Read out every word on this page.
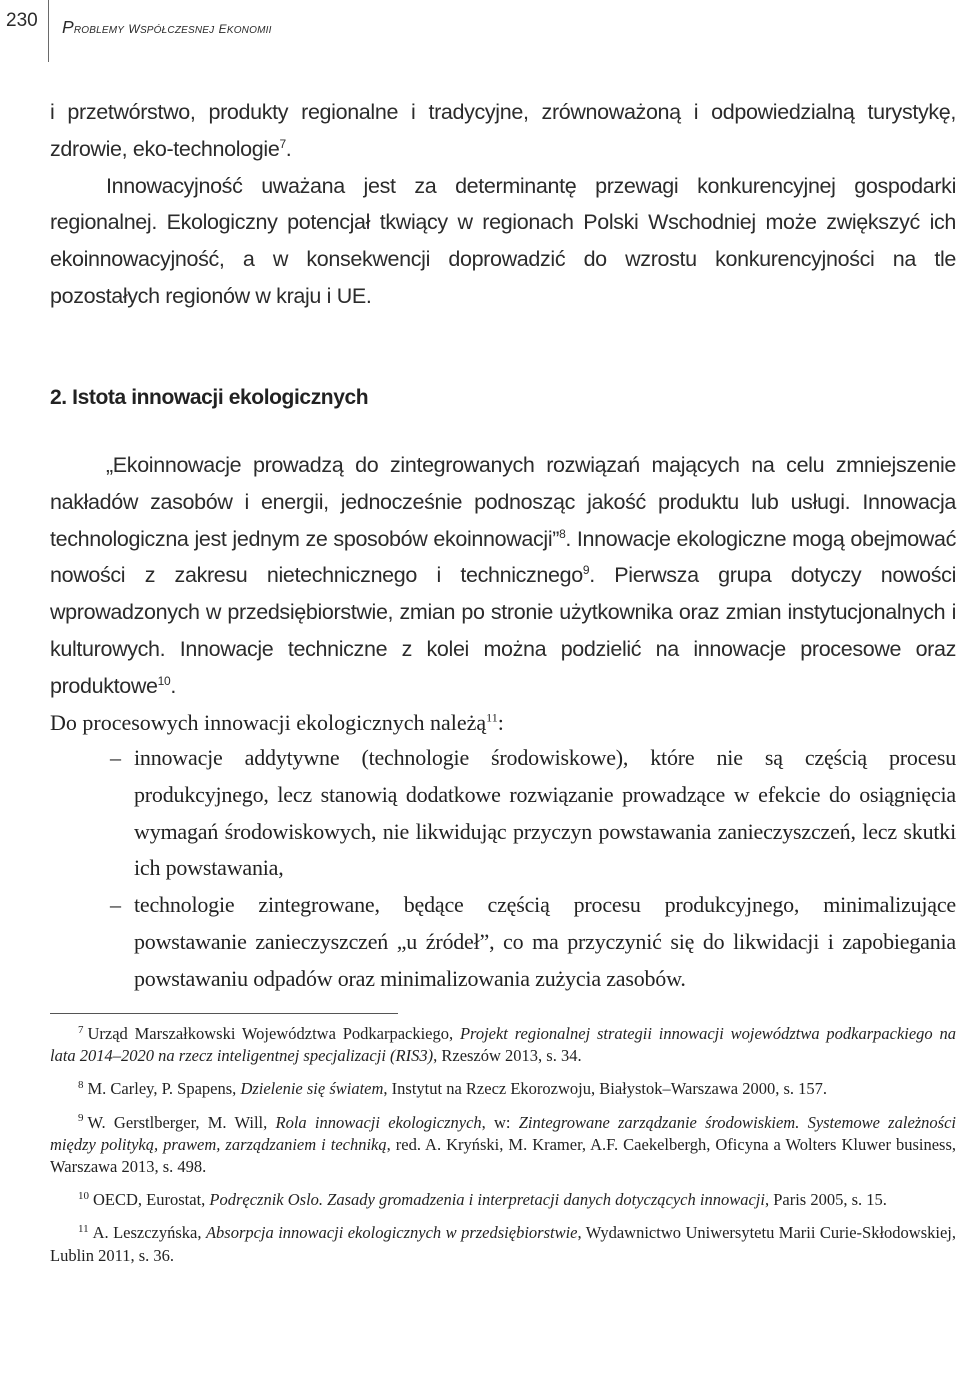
230 Problemy współczesnej ekonomii

i przetwórstwo, produkty regionalne i tradycyjne, zrównoważoną i odpowiedzialną turystykę, zdrowie, eko-technologie$^7$.

Innowacyjność uważana jest za determinantę przewagi konkurencyjnej gospodarki regionalnej. Ekologiczny potencjał tkwiący w regionach Polski Wschodniej może zwiększyć ich ekoinnowacyjność, a w konsekwencji doprowadzić do wzrostu konkurencyjności na tle pozostałych regionów w kraju i UE.

2. Istota innowacji ekologicznych

„Ekoinnowacje prowadzą do zintegrowanych rozwiązań mających na celu zmniejszenie nakładów zasobów i energii, jednocześnie podnosząc jakość produktu lub usługi. Innowacja technologiczna jest jednym ze sposobów ekoinnowacji”$^8$. Innowacje ekologiczne mogą obejmować nowości z zakresu nietechnicznego i technicznego$^9$. Pierwsza grupa dotyczy nowości wprowadzonych w przedsiębiorstwie, zmian po stronie użytkownika oraz zmian instytucjonalnych i kulturowych. Innowacje techniczne z kolei można podzielić na innowacje procesowe oraz produktowe$^{10}$.

Do procesowych innowacji ekologicznych należą$^{11}$:

– innowacje addytywne (technologie środowiskowe), które nie są częścią procesu produkcyjnego, lecz stanowią dodatkowe rozwiązanie prowadzące w efekcie do osiągnięcia wymagań środowiskowych, nie likwidując przyczyn powstawania zanieczyszczeń, lecz skutki ich powstawania,
– technologie zintegrowane, będące częścią procesu produkcyjnego, minimalizujące powstawanie zanieczyszczeń „u źródeł”, co ma przyczynić się do likwidacji i zapobiegania powstawaniu odpadów oraz minimalizowania zużycia zasobów.

$^7$ Urząd Marszałkowski Województwa Podkarpackiego, Projekt regionalnej strategii innowacji województwa podkarpackiego na lata 2014–2020 na rzecz inteligentnej specjalizacji (RIS3), Rzeszów 2013, s. 34.

$^8$ M. Carley, P. Spapens, Dzielenie się światem, Instytut na Rzecz Ekorozwoju, Białystok–Warszawa 2000, s. 157.

$^9$ W. Gerstlberger, M. Will, Rola innowacji ekologicznych, w: Zintegrowane zarządzanie środowiskiem. Systemowe zależności między polityką, prawem, zarządzaniem i techniką, red. A. Kryński, M. Kramer, A.F. Caekelbergh, Oficyna a Wolters Kluwer business, Warszawa 2013, s. 498.

$^{10}$ OECD, Eurostat, Podręcznik Oslo. Zasady gromadzenia i interpretacji danych dotyczących innowacji, Paris 2005, s. 15.

$^{11}$ A. Leszczyńska, Absorpcja innowacji ekologicznych w przedsiębiorstwie, Wydawnictwo Uniwersytetu Marii Curie-Skłodowskiej, Lublin 2011, s. 36.
